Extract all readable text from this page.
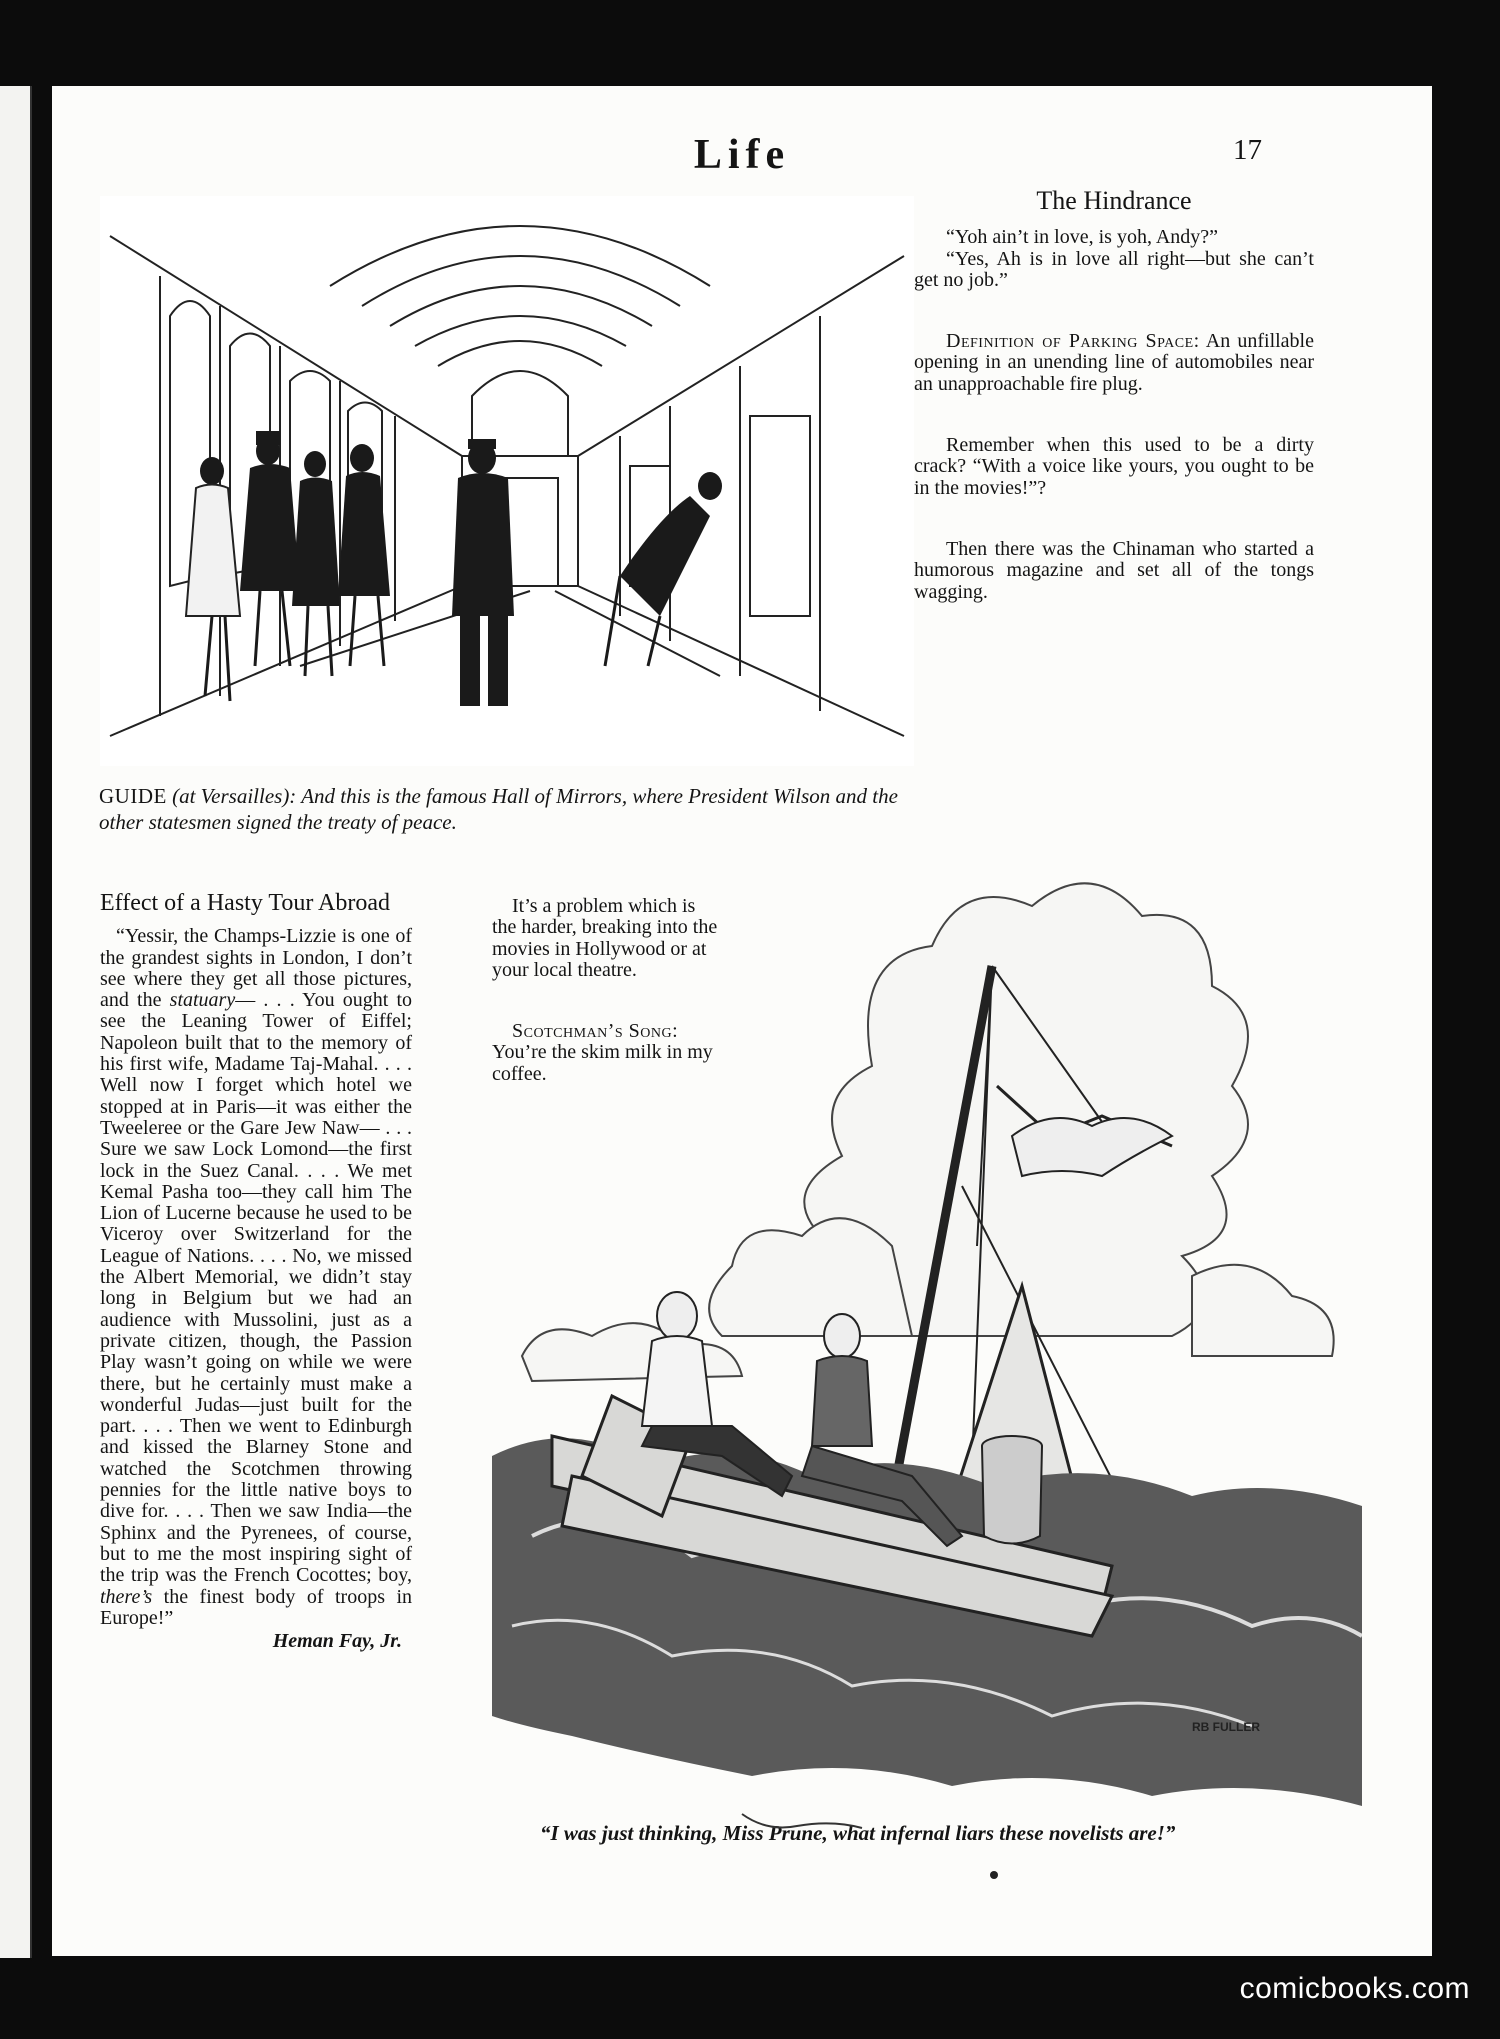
Life	17
GUIDE (at Versailles): And this is the famous Hall of Mirrors, where President Wilson and the other statesmen signed the treaty of peace.

The Hindrance

“Yoh ain’t in love, is yoh, Andy?”

“Yes, Ah is in love all right—but she can’t get no job.”

Definition of Parking Space: An unfillable opening in an unending line of automobiles near an unapproachable fire plug.

Remember when this used to be a dirty crack? “With a voice like yours, you ought to be in the movies!”?

Then there was the Chinaman who started a humorous magazine and set all of the tongs wagging.

Effect of a Hasty Tour Abroad

“Yessir, the Champs-Lizzie is one of the grandest sights in London, I don’t see where they get all those pictures, and the statuary— . . . You ought to see the Leaning Tower of Eiffel; Napoleon built that to the memory of his first wife, Madame Taj-Mahal. . . . Well now I forget which hotel we stopped at in Paris—it was either the Tweeleree or the Gare Jew Naw— . . . Sure we saw Lock Lomond—the first lock in the Suez Canal. . . . We met Kemal Pasha too—they call him The Lion of Lucerne because he used to be Viceroy over Switzerland for the League of Nations. . . . No, we missed the Albert Memorial, we didn’t stay long in Belgium but we had an audience with Mussolini, just as a private citizen, though, the Passion Play wasn’t going on while we were there, but he certainly must make a wonderful Judas—just built for the part. . . . Then we went to Edinburgh and kissed the Blarney Stone and watched the Scotchmen throwing pennies for the little native boys to dive for. . . . Then we saw India—the Sphinx and the Pyrenees, of course, but to me the most inspiring sight of the trip was the French Cocottes; boy, there’s the finest body of troops in Europe!”

Heman Fay, Jr.

It’s a problem which is the harder, breaking into the movies in Hollywood or at your local theatre.

Scotchman’s Song: You’re the skim milk in my coffee.

RB FULLER
“I was just thinking, Miss Prune, what infernal liars these novelists are!”
comicbooks.com
